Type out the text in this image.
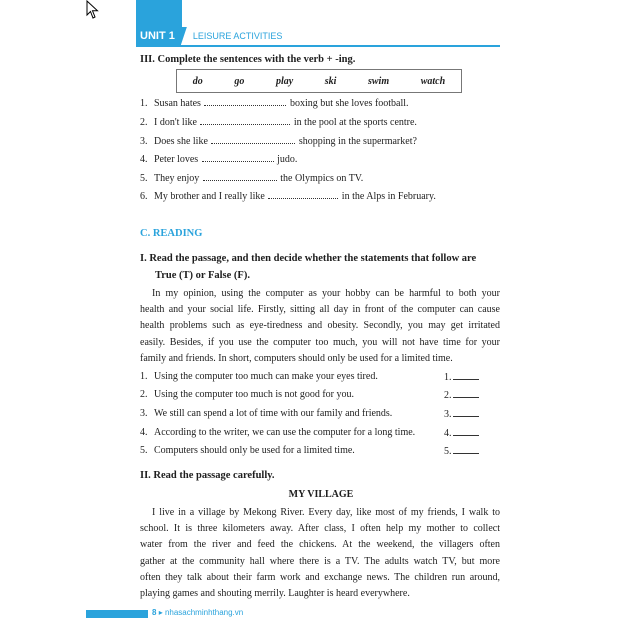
UNIT 1	LEISURE ACTIVITIES
III. Complete the sentences with the verb + -ing.
do	go	play	ski	swim	watch
1. Susan hates	boxing but she loves football.
2. I don't like	in the pool at the sports centre.
3. Does she like	shopping in the supermarket?
4. Peter loves	judo.
5. They enjoy	the Olympics on TV.
6. My brother and I really like	in the Alps in February.
C. READING
I. Read the passage, and then decide whether the statements that follow are
True (T) or False (F).
In my opinion, using the computer as your hobby can be harmful to both your
health and your social life. Firstly, sitting all day in front of the computer can cause
health problems such as eye-tiredness and obesity. Secondly, you may get irritated
easily. Besides, if you use the computer too much, you will not have time for your
family and friends. In short, computers should only be used for a limited time.
1. Using the computer too much can make your eyes tired.	1.
2. Using the computer too much is not good for you.	2.
3. We still can spend a lot of time with our family and friends.	3.
4. According to the writer, we can use the computer for a long time.	4.
5. Computers should only be used for a limited time.	5.
II. Read the passage carefully.
MY VILLAGE
I live in a village by Mekong River. Every day, like most of my friends, I walk to
school. It is three kilometers away. After class, I often help my mother to collect
water from the river and feed the chickens. At the weekend, the villagers often
gather at the community hall where there is a TV. The adults watch TV, but more
often they talk about their farm work and exchange news. The children run around,
playing games and shouting merrily. Laughter is heard everywhere.
8 ▸ nhasachminhthang.vn
